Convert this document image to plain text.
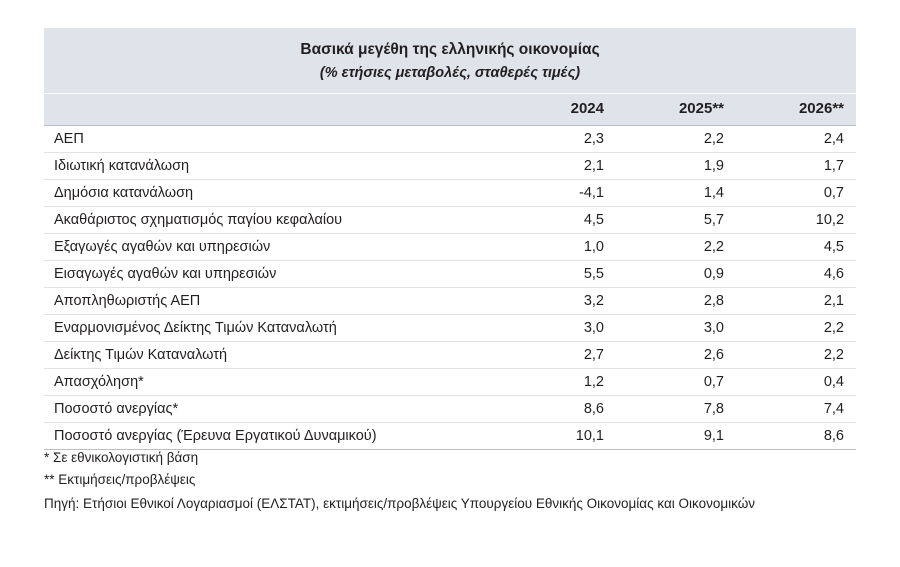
Βασικά μεγέθη της ελληνικής οικονομίας
(% ετήσιες μεταβολές, σταθερές τιμές)			

	2024	2025**	2026**
ΑΕΠ	2,3	2,2	2,4
Ιδιωτική κατανάλωση	2,1	1,9	1,7
Δημόσια κατανάλωση	-4,1	1,4	0,7
Ακαθάριστος σχηματισμός παγίου κεφαλαίου	4,5	5,7	10,2
Εξαγωγές αγαθών και υπηρεσιών	1,0	2,2	4,5
Εισαγωγές αγαθών και υπηρεσιών	5,5	0,9	4,6
Αποπληθωριστής ΑΕΠ	3,2	2,8	2,1
Εναρμονισμένος Δείκτης Τιμών Καταναλωτή	3,0	3,0	2,2
Δείκτης Τιμών Καταναλωτή	2,7	2,6	2,2
Απασχόληση*	1,2	0,7	0,4
Ποσοστό ανεργίας*	8,6	7,8	7,4
Ποσοστό ανεργίας (Έρευνα Εργατικού Δυναμικού)	10,1	9,1	8,6

* Σε εθνικολογιστική βάση

** Εκτιμήσεις/προβλέψεις

Πηγή: Ετήσιοι Εθνικοί Λογαριασμοί (ΕΛΣΤΑΤ), εκτιμήσεις/προβλέψεις Υπουργείου Εθνικής Οικονομίας και Οικονομικών
